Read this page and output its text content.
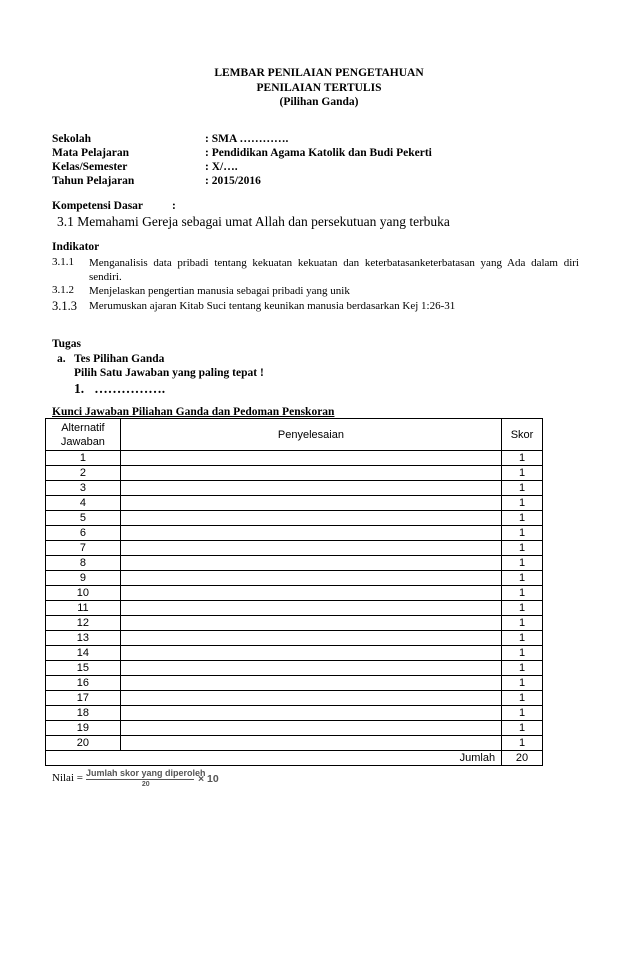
LEMBAR PENILAIAN PENGETAHUAN
PENILAIAN TERTULIS
(Pilihan Ganda)
Sekolah	: SMA ………….
Mata Pelajaran	: Pendidikan Agama Katolik dan Budi Pekerti
Kelas/Semester	: X/….
Tahun Pelajaran	: 2015/2016
Kompetensi Dasar	:
3.1 Memahami Gereja sebagai umat Allah dan persekutuan yang terbuka
Indikator
3.1.1 Menganalisis data pribadi tentang kekuatan kekuatan dan keterbatasanketerbatasan yang Ada dalam diri sendiri.
3.1.2 Menjelaskan pengertian manusia sebagai pribadi yang unik
3.1.3 Merumuskan ajaran Kitab Suci tentang keunikan manusia berdasarkan Kej 1:26-31
Tugas
a.   Tes Pilihan Ganda
Pilih Satu Jawaban yang paling tepat !
1.   …………….
Kunci Jawaban Piliahan Ganda dan Pedoman Penskoran
Alternatif Jawaban	Penyelesaian	Skor
1		1
2		1
3		1
4		1
5		1
6		1
7		1
8		1
9		1
10		1
11		1
12		1
13		1
14		1
15		1
16		1
17		1
18		1
19		1
20		1
Jumlah		20
Nilai = Jumlah skor yang diperoleh
20	× 10
